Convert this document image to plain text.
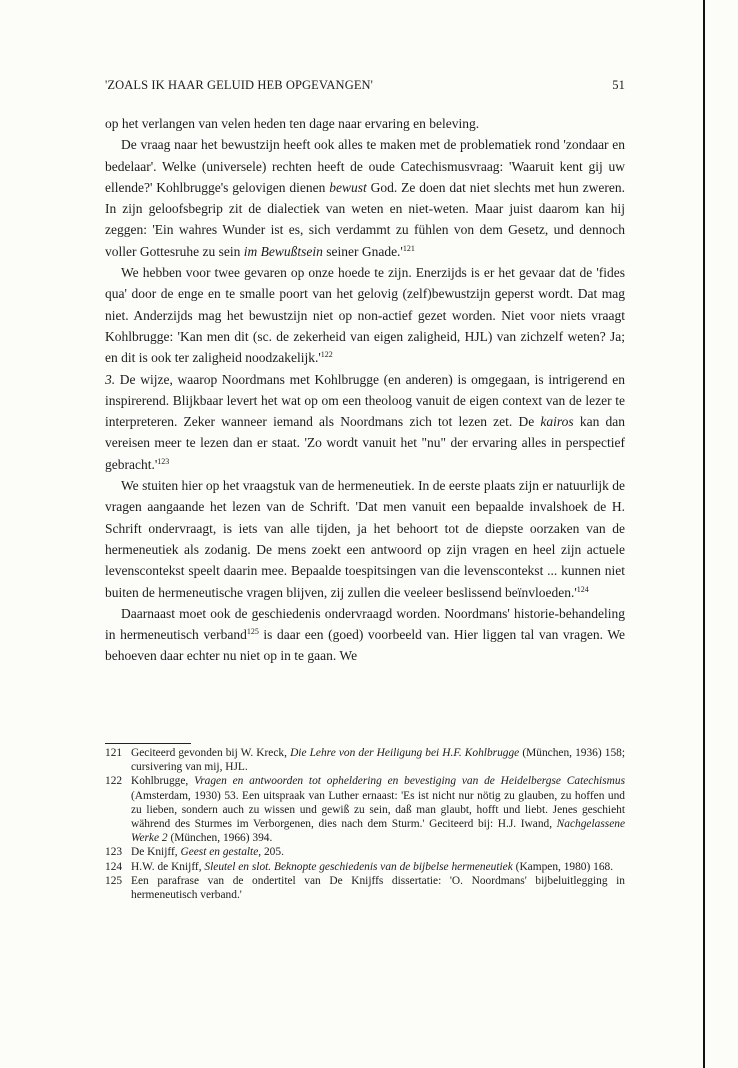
'ZOALS IK HAAR GELUID HEB OPGEVANGEN'	51

op het verlangen van velen heden ten dage naar ervaring en beleving.

De vraag naar het bewustzijn heeft ook alles te maken met de problematiek rond 'zondaar en bedelaar'. Welke (universele) rechten heeft de oude Catechismusvraag: 'Waaruit kent gij uw ellende?' Kohlbrugge's gelovigen dienen bewust God. Ze doen dat niet slechts met hun zweren. In zijn geloofsbegrip zit de dialectiek van weten en niet-weten. Maar juist daarom kan hij zeggen: 'Ein wahres Wunder ist es, sich verdammt zu fühlen von dem Gesetz, und dennoch voller Gottesruhe zu sein im Bewußtsein seiner $Gnade.'^{121}$

We hebben voor twee gevaren op onze hoede te zijn. Enerzijds is er het gevaar dat de 'fides qua' door de enge en te smalle poort van het gelovig (zelf)bewustzijn geperst wordt. Dat mag niet. Anderzijds mag het bewustzijn niet op non-actief gezet worden. Niet voor niets vraagt Kohlbrugge: 'Kan men dit (sc. de zekerheid van eigen zaligheid, HJL) van zichzelf weten? Ja; en dit is ook ter zaligheid $noodzakelijk.'^{122}$

3. De wijze, waarop Noordmans met Kohlbrugge (en anderen) is omgegaan, is intrigerend en inspirerend. Blijkbaar levert het wat op om een theoloog vanuit de eigen context van de lezer te interpreteren. Zeker wanneer iemand als Noordmans zich tot lezen zet. De kairos kan dan vereisen meer te lezen dan er staat. 'Zo wordt vanuit het "nu" der ervaring alles in perspectief $gebracht.'^{123}$

We stuiten hier op het vraagstuk van de hermeneutiek. In de eerste plaats zijn er natuurlijk de vragen aangaande het lezen van de Schrift. 'Dat men vanuit een bepaalde invalshoek de H. Schrift ondervraagt, is iets van alle tijden, ja het behoort tot de diepste oorzaken van de hermeneutiek als zodanig. De mens zoekt een antwoord op zijn vragen en heel zijn actuele levenscontekst speelt daarin mee. Bepaalde toespitsingen van die levenscontekst ... kunnen niet buiten de hermeneutische vragen blijven, zij zullen die veeleer beslissend $beïnvloeden.'^{124}$

Daarnaast moet ook de geschiedenis ondervraagd worden. Noordmans' historie-behandeling in hermeneutisch verband$^{125}$ is daar een (goed) voorbeeld van. Hier liggen tal van vragen. We behoeven daar echter nu niet op in te gaan. We

121 Geciteerd gevonden bij W. Kreck, Die Lehre von der Heiligung bei H.F. Kohlbrugge (München, 1936) 158; cursivering van mij, HJL.
122 Kohlbrugge, Vragen en antwoorden tot opheldering en bevestiging van de Heidelbergse Catechismus (Amsterdam, 1930) 53. Een uitspraak van Luther ernaast: 'Es ist nicht nur nötig zu glauben, zu hoffen und zu lieben, sondern auch zu wissen und gewiß zu sein, daß man glaubt, hofft und liebt. Jenes geschieht während des Sturmes im Verborgenen, dies nach dem Sturm.' Geciteerd bij: H.J. Iwand, Nachgelassene Werke 2 (München, 1966) 394.
123 De Knijff, Geest en gestalte, 205.
124 H.W. de Knijff, Sleutel en slot. Beknopte geschiedenis van de bijbelse hermeneutiek (Kampen, 1980) 168.
125 Een parafrase van de ondertitel van De Knijffs dissertatie: 'O. Noordmans' bijbeluitlegging in hermeneutisch verband.'
